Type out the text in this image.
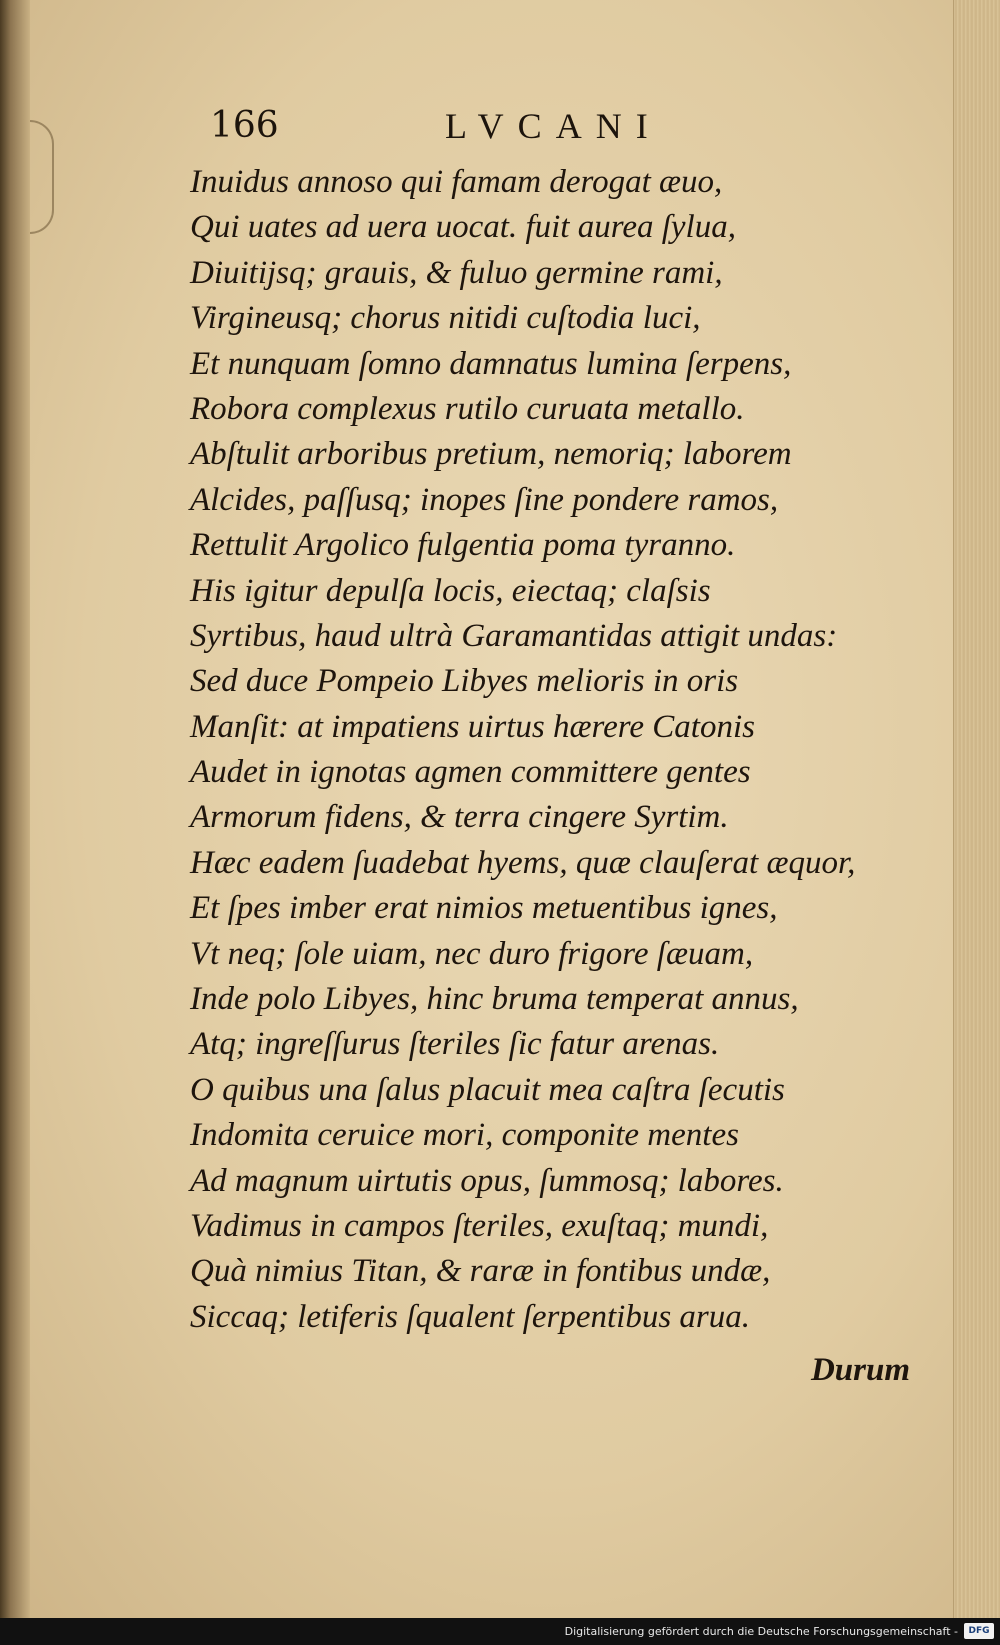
166	LVCANI
Inuidus annoso qui famam derogat æuo,
Qui uates ad uera uocat. fuit aurea ſylua,
Diuitijsq; grauis, & fuluo germine rami,
Virgineusq; chorus nitidi cuſtodia luci,
Et nunquam ſomno damnatus lumina ſerpens,
Robora complexus rutilo curuata metallo.
Abſtulit arboribus pretium, nemoriq; laborem
Alcides, paſſusq; inopes ſine pondere ramos,
Rettulit Argolico fulgentia poma tyranno.
His igitur depulſa locis, eiectaq; claſsis
Syrtibus, haud ultrà Garamantidas attigit undas:
Sed duce Pompeio Libyes melioris in oris
Manſit: at impatiens uirtus hærere Catonis
Audet in ignotas agmen committere gentes
Armorum fidens, & terra cingere Syrtim.
Hæc eadem ſuadebat hyems, quæ clauſerat æquor,
Et ſpes imber erat nimios metuentibus ignes,
Vt neq; ſole uiam, nec duro frigore ſæuam,
Inde polo Libyes, hinc bruma temperat annus,
Atq; ingreſſurus ſteriles ſic fatur arenas.
O quibus una ſalus placuit mea caſtra ſecutis
Indomita ceruice mori, componite mentes
Ad magnum uirtutis opus, ſummosq; labores.
Vadimus in campos ſteriles, exuſtaq; mundi,
Quà nimius Titan, & raræ in fontibus undæ,
Siccaq; letiferis ſqualent ſerpentibus arua.
Durum
Digitalisierung gefördert durch die Deutsche Forschungsgemeinschaft -	DFG
